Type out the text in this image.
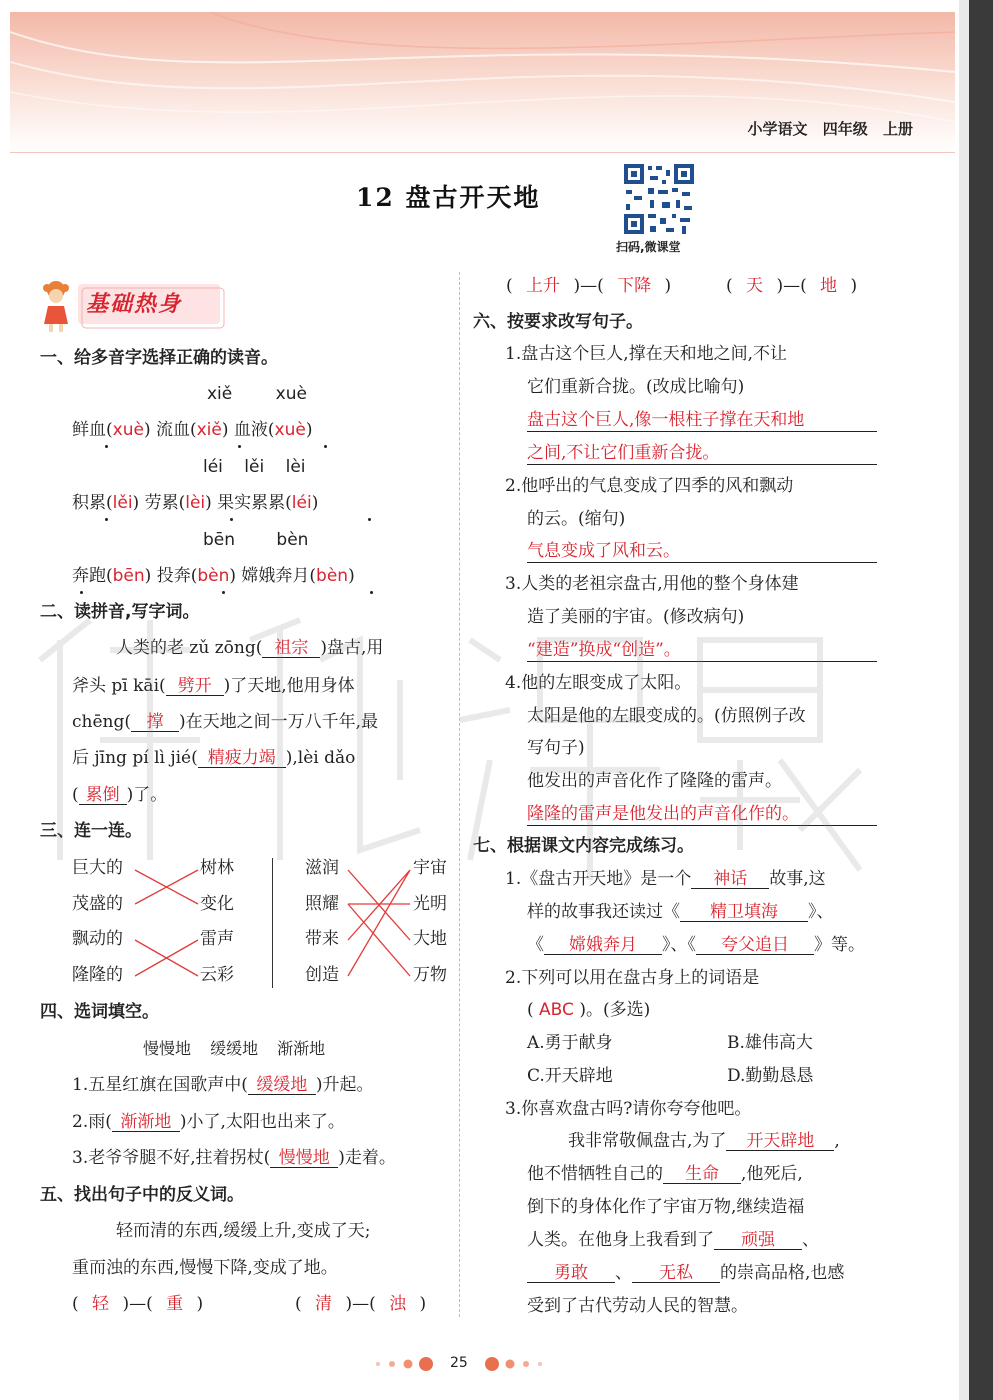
小学语文 四年级 上册
12 盘古开天地
扫码,微课堂
基础热身
一、给多音字选择正确的读音。
xiě xuè
鲜血(xuè) 流血(xiě) 血液(xuè)
léi lěi lèi
积累(lěi) 劳累(lèi) 果实累累(léi)
bēn bèn
奔跑(bēn) 投奔(bèn) 嫦娥奔月(bèn)
二、读拼音,写字词。
人类的老 zǔ zōng( 祖宗 )盘古,用
斧头 pī kāi( 劈开 )了天地,他用身体
chēng( 撑 )在天地之间一万八千年,最
后 jīng pí lì jié( 精疲力竭 ),lèi dǎo
( 累倒 )了。
三、连一连。
巨大的
茂盛的
飘动的
隆隆的
树林
变化
雷声
云彩
滋润
照耀
带来
创造
宇宙
光明
大地
万物
四、选词填空。
慢慢地 缓缓地 渐渐地
1.五星红旗在国歌声中( 缓缓地 )升起。
2.雨( 渐渐地 )小了,太阳也出来了。
3.老爷爷腿不好,拄着拐杖( 慢慢地 )走着。
五、找出句子中的反义词。
轻而清的东西,缓缓上升,变成了天;
重而浊的东西,慢慢下降,变成了地。
( 轻 )—( 重 )	( 清 )—( 浊 )
( 上升 )—( 下降 )	( 天 )—( 地 )
六、按要求改写句子。
1.盘古这个巨人,撑在天和地之间,不让
它们重新合拢。(改成比喻句)
盘古这个巨人,像一根柱子撑在天和地
之间,不让它们重新合拢。
2.他呼出的气息变成了四季的风和飘动
的云。(缩句)
气息变成了风和云。
3.人类的老祖宗盘古,用他的整个身体建
造了美丽的宇宙。(修改病句)
“建造”换成“创造”。
4.他的左眼变成了太阳。
太阳是他的左眼变成的。(仿照例子改
写句子)
他发出的声音化作了隆隆的雷声。
隆隆的雷声是他发出的声音化作的。
七、根据课文内容完成练习。
1.《盘古开天地》是一个 神话 故事,这
样的故事我还读过《 精卫填海 》、
《 嫦娥奔月 》、《 夸父追日 》等。
2.下列可以用在盘古身上的词语是
( ABC )。(多选)
A.勇于献身	B.雄伟高大
C.开天辟地	D.勤勤恳恳
3.你喜欢盘古吗?请你夸夸他吧。
我非常敬佩盘古,为了 开天辟地 ,
他不惜牺牲自己的 生命 ,他死后,
倒下的身体化作了宇宙万物,继续造福
人类。在他身上我看到了 顽强 、
勇敢 、 无私 的崇高品格,也感
受到了古代劳动人民的智慧。
25
